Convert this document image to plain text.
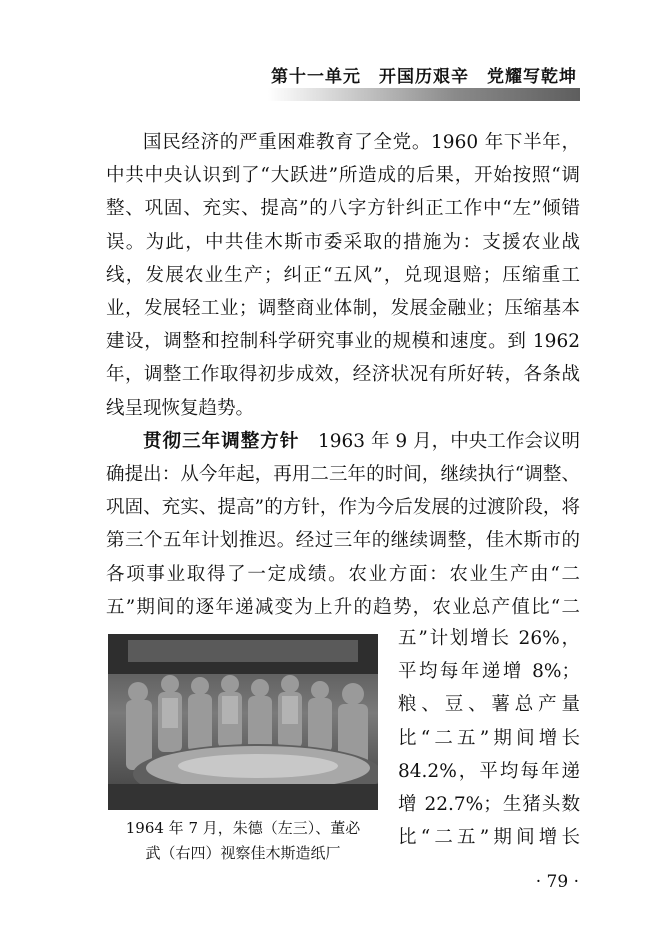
第十一单元　开国历艰辛　党耀写乾坤

国民经济的严重困难教育了全党。1960 年下半年，中共中央认识到了“大跃进”所造成的后果，开始按照“调整、巩固、充实、提高”的八字方针纠正工作中“左”倾错误。为此，中共佳木斯市委采取的措施为：支援农业战线，发展农业生产；纠正“五风”，兑现退赔；压缩重工业，发展轻工业；调整商业体制，发展金融业；压缩基本建设，调整和控制科学研究事业的规模和速度。到 1962 年，调整工作取得初步成效，经济状况有所好转，各条战线呈现恢复趋势。

贯彻三年调整方针　1963 年 9 月，中央工作会议明确提出：从今年起，再用二三年的时间，继续执行“调整、巩固、充实、提高”的方针，作为今后发展的过渡阶段，将第三个五年计划推迟。经过三年的继续调整，佳木斯市的各项事业取得了一定成绩。农业方面：农业生产由“二五”期间的逐年递减变为上升的趋势，农业总产值比“二

1964 年 7 月，朱德（左三）、董必
武（右四）视察佳木斯造纸厂

五”计划增长 26%，平均每年递增 8%；粮、豆、薯总产量比“二五”期间增长 84.2%，平均每年递增 22.7%；生猪头数比“二五”期间增长

· 79 ·
